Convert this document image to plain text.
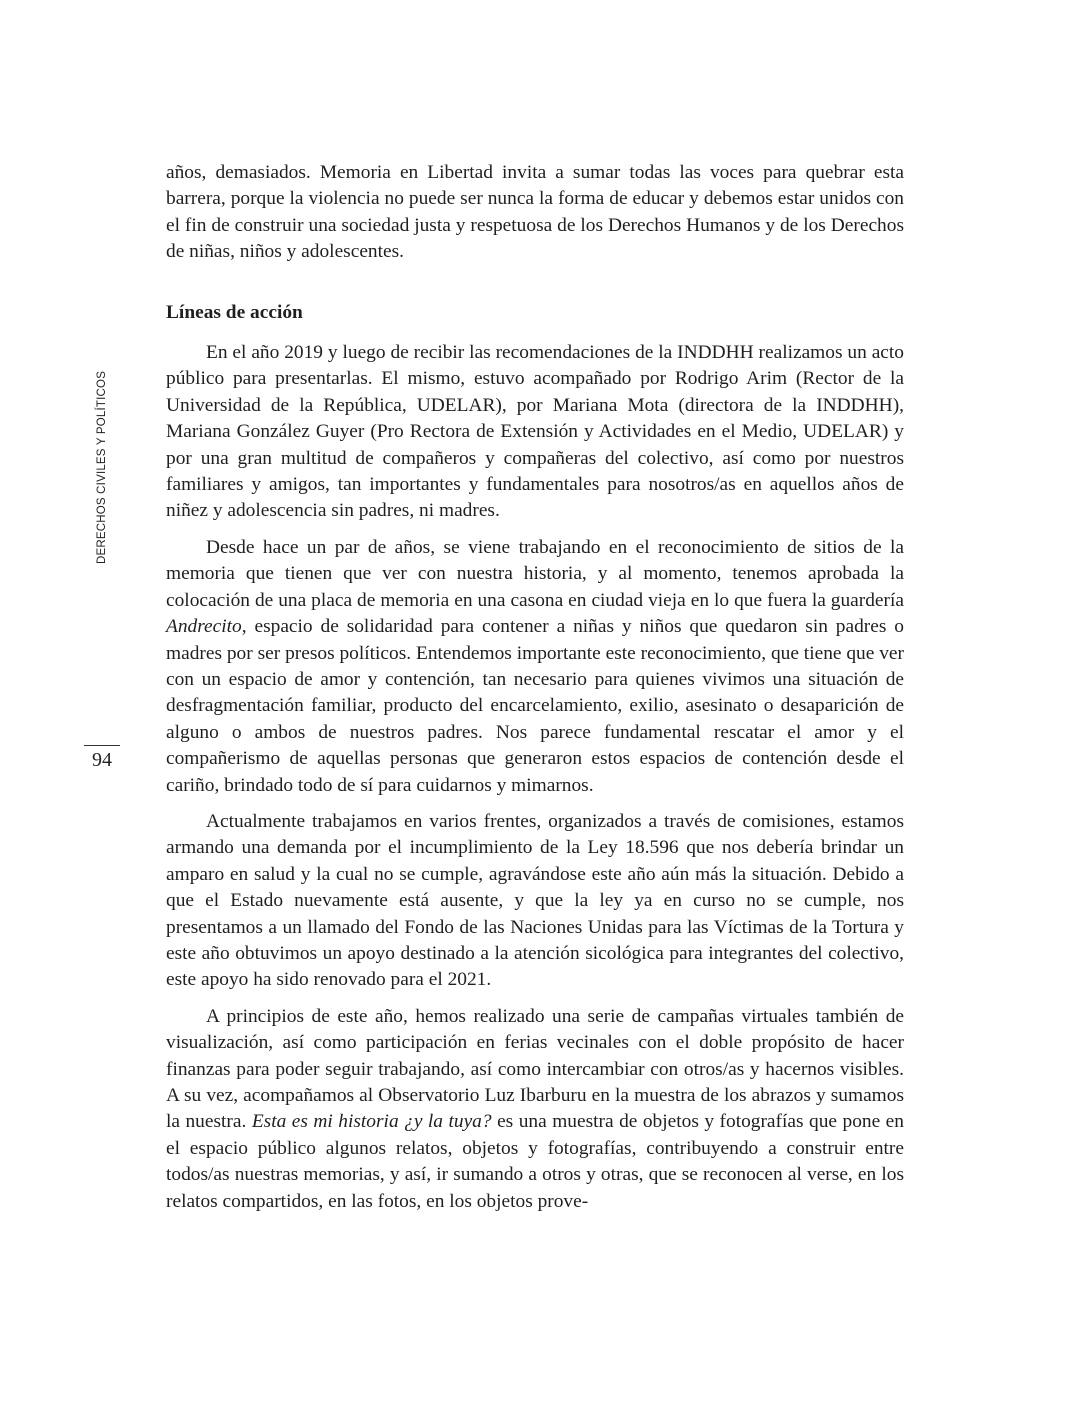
DERECHOS CIVILES Y POLÍTICOS
94

años, demasiados. Memoria en Libertad invita a sumar todas las voces para quebrar esta barrera, porque la violencia no puede ser nunca la forma de educar y debemos estar unidos con el fin de construir una sociedad justa y respetuosa de los Derechos Humanos y de los Derechos de niñas, niños y adolescentes.

Líneas de acción

En el año 2019 y luego de recibir las recomendaciones de la INDDHH realizamos un acto público para presentarlas. El mismo, estuvo acompañado por Rodrigo Arim (Rector de la Universidad de la República, UDELAR), por Mariana Mota (directora de la INDDHH), Mariana González Guyer (Pro Rectora de Extensión y Actividades en el Medio, UDELAR) y por una gran multitud de compañeros y compañeras del colectivo, así como por nuestros familiares y amigos, tan importantes y fundamentales para nosotros/as en aquellos años de niñez y adolescencia sin padres, ni madres.

Desde hace un par de años, se viene trabajando en el reconocimiento de sitios de la memoria que tienen que ver con nuestra historia, y al momento, tenemos aprobada la colocación de una placa de memoria en una casona en ciudad vieja en lo que fuera la guardería Andrecito, espacio de solidaridad para contener a niñas y niños que quedaron sin padres o madres por ser presos políticos. Entendemos importante este reconocimiento, que tiene que ver con un espacio de amor y contención, tan necesario para quienes vivimos una situación de desfragmentación familiar, producto del encarcelamiento, exilio, asesinato o desaparición de alguno o ambos de nuestros padres. Nos parece fundamental rescatar el amor y el compañerismo de aquellas personas que generaron estos espacios de contención desde el cariño, brindado todo de sí para cuidarnos y mimarnos.

Actualmente trabajamos en varios frentes, organizados a través de comisiones, estamos armando una demanda por el incumplimiento de la Ley 18.596 que nos debería brindar un amparo en salud y la cual no se cumple, agravándose este año aún más la situación. Debido a que el Estado nuevamente está ausente, y que la ley ya en curso no se cumple, nos presentamos a un llamado del Fondo de las Naciones Unidas para las Víctimas de la Tortura y este año obtuvimos un apoyo destinado a la atención sicológica para integrantes del colectivo, este apoyo ha sido renovado para el 2021.

A principios de este año, hemos realizado una serie de campañas virtuales también de visualización, así como participación en ferias vecinales con el doble propósito de hacer finanzas para poder seguir trabajando, así como intercambiar con otros/as y hacernos visibles. A su vez, acompañamos al Observatorio Luz Ibarburu en la muestra de los abrazos y sumamos la nuestra. Esta es mi historia ¿y la tuya? es una muestra de objetos y fotografías que pone en el espacio público algunos relatos, objetos y fotografías, contribuyendo a construir entre todos/as nuestras memorias, y así, ir sumando a otros y otras, que se reconocen al verse, en los relatos compartidos, en las fotos, en los objetos prove-
